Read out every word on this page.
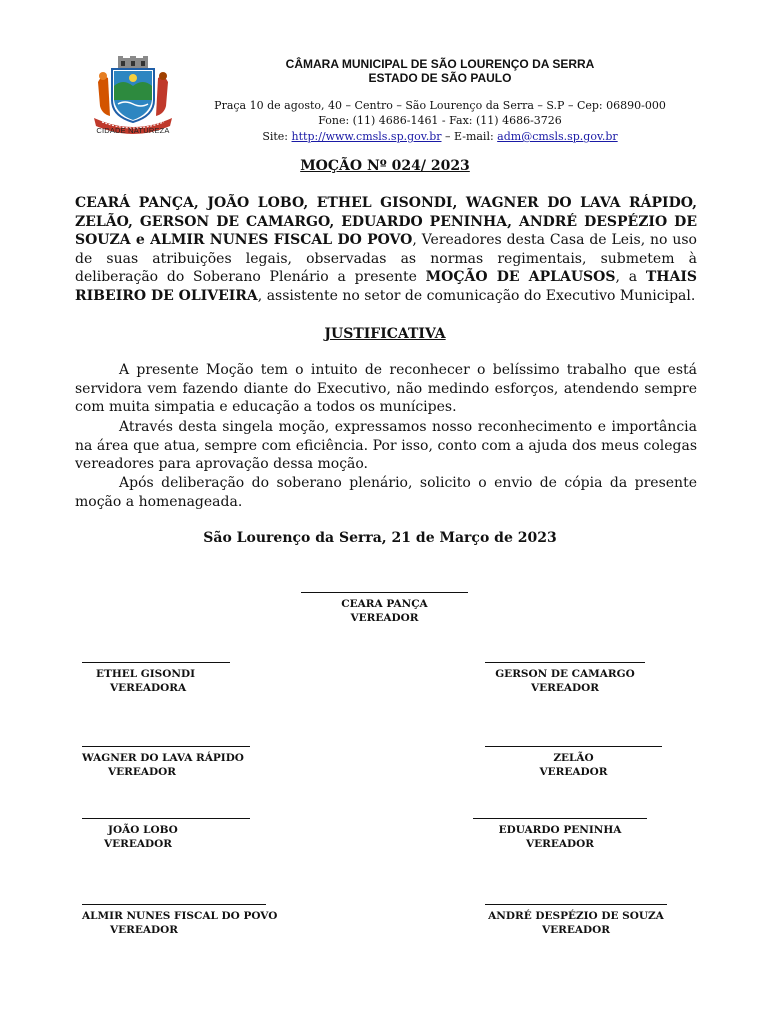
CIDADE NATUREZA
CÂMARA MUNICIPAL DE SÃO LOURENÇO DA SERRA
ESTADO DE SÃO PAULO
Praça 10 de agosto, 40 – Centro – São Lourenço da Serra – S.P – Cep: 06890-000
Fone: (11) 4686-1461 - Fax: (11) 4686-3726
Site: http://www.cmsls.sp.gov.br – E-mail: adm@cmsls.sp.gov.br
MOÇÃO Nº 024/ 2023
CEARÁ PANÇA, JOÃO LOBO, ETHEL GISONDI, WAGNER DO LAVA RÁPIDO, ZELÃO, GERSON DE CAMARGO, EDUARDO PENINHA, ANDRÉ DESPÉZIO DE SOUZA e ALMIR NUNES FISCAL DO POVO, Vereadores desta Casa de Leis, no uso de suas atribuições legais, observadas as normas regimentais, submetem à deliberação do Soberano Plenário a presente MOÇÃO DE APLAUSOS, a THAIS RIBEIRO DE OLIVEIRA, assistente no setor de comunicação do Executivo Municipal.
JUSTIFICATIVA
A presente Moção tem o intuito de reconhecer o belíssimo trabalho que está servidora vem fazendo diante do Executivo, não medindo esforços, atendendo sempre com muita simpatia e educação a todos os munícipes.
Através desta singela moção, expressamos nosso reconhecimento e importância na área que atua, sempre com eficiência. Por isso, conto com a ajuda dos meus colegas vereadores para aprovação dessa moção.
Após deliberação do soberano plenário, solicito o envio de cópia da presente moção a homenageada.
São Lourenço da Serra, 21 de Março de 2023
CEARA PANÇA
VEREADOR
ETHEL GISONDI
VEREADORA
GERSON DE CAMARGO
VEREADOR
WAGNER DO LAVA RÁPIDO
VEREADOR
ZELÃO
VEREADOR
JOÃO LOBO
VEREADOR
EDUARDO PENINHA
VEREADOR
ALMIR NUNES FISCAL DO POVO
VEREADOR
ANDRÉ DESPÉZIO DE SOUZA
VEREADOR
